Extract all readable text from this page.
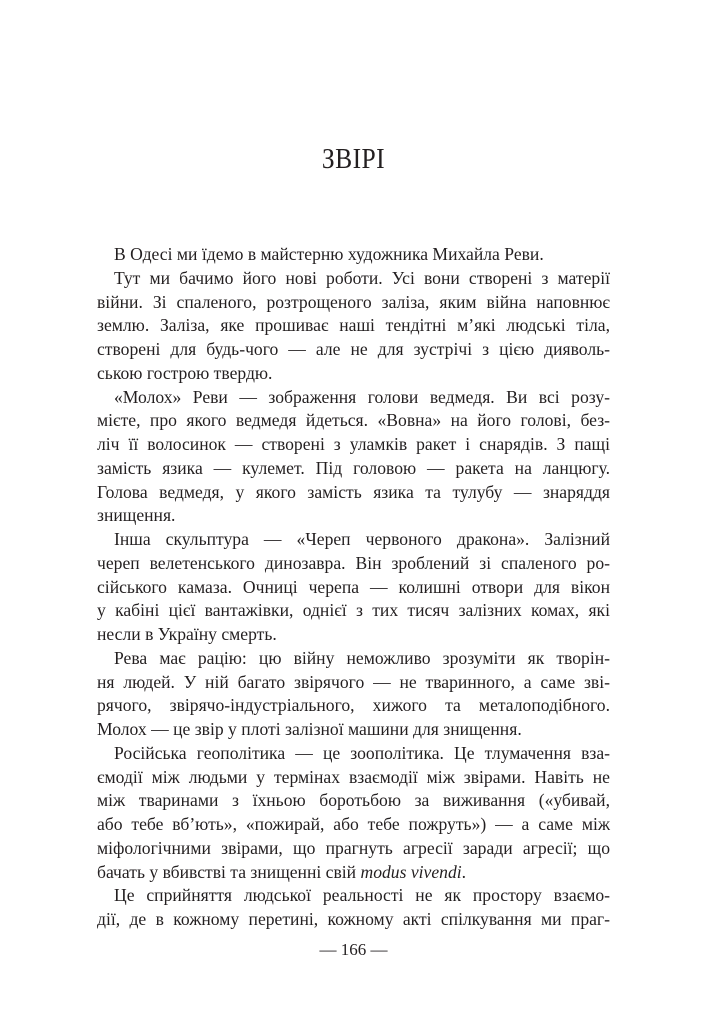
ЗВІРІ
В Одесі ми їдемо в майстерню художника Михайла Реви.
Тут ми бачимо його нові роботи. Усі вони створені з матерії
війни. Зі спаленого, розтрощеного заліза, яким війна наповнює
землю. Заліза, яке прошиває наші тендітні м’які людські тіла,
створені для будь-чого — але не для зустрічі з цією дияволь-
ською гострою твердю.
«Молох» Реви — зображення голови ведмедя. Ви всі розу-
мієте, про якого ведмедя йдеться. «Вовна» на його голові, без-
ліч її волосинок — створені з уламків ракет і снарядів. З пащі
замість язика — кулемет. Під головою — ракета на ланцюгу.
Голова ведмедя, у якого замість язика та тулубу — знаряддя
знищення.
Інша скульптура — «Череп червоного дракона». Залізний
череп велетенського динозавра. Він зроблений зі спаленого ро-
сійського камаза. Очниці черепа — колишні отвори для вікон
у кабіні цієї вантажівки, однієї з тих тисяч залізних комах, які
несли в Україну смерть.
Рева має рацію: цю війну неможливо зрозуміти як творін-
ня людей. У ній багато звірячого — не тваринного, а саме зві-
рячого, звірячо-індустріального, хижого та металоподібного.
Молох — це звір у плоті залізної машини для знищення.
Російська геополітика — це зоополітика. Це тлумачення вза-
ємодії між людьми у термінах взаємодії між звірами. Навіть не
між тваринами з їхньою боротьбою за виживання («убивай,
або тебе вб’ють», «пожирай, або тебе пожруть») — а саме між
міфологічними звірами, що прагнуть агресії заради агресії; що
бачать у вбивстві та знищенні свій modus vivendi.
Це сприйняття людської реальності не як простору взаємо-
дії, де в кожному перетині, кожному акті спілкування ми праг-
— 166 —
